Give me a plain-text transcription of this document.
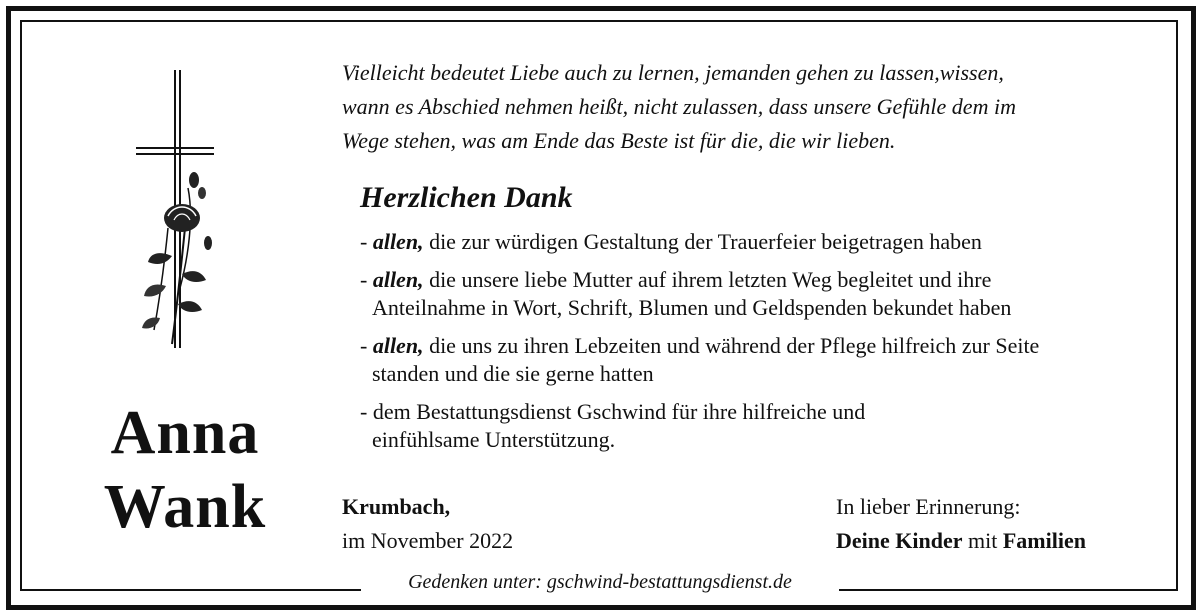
Gedenken unter: gschwind-bestattungsdienst.de
Anna
Wank
Vielleicht bedeutet Liebe auch zu lernen, jemanden gehen zu lassen,wissen,
wann es Abschied nehmen heißt, nicht zulassen, dass unsere Gefühle dem im
Wege stehen, was am Ende das Beste ist für die, die wir lieben.
Herzlichen Dank
- allen, die zur würdigen Gestaltung der Trauerfeier beigetragen haben
- allen, die unsere liebe Mutter auf ihrem letzten Weg begleitet und ihre
Anteilnahme in Wort, Schrift, Blumen und Geldspenden bekundet haben
- allen, die uns zu ihren Lebzeiten und während der Pflege hilfreich zur Seite
standen und die sie gerne hatten
- dem Bestattungsdienst Gschwind für ihre hilfreiche und
einfühlsame Unterstützung.
Krumbach,
im November 2022
In lieber Erinnerung:
Deine Kinder mit Familien
